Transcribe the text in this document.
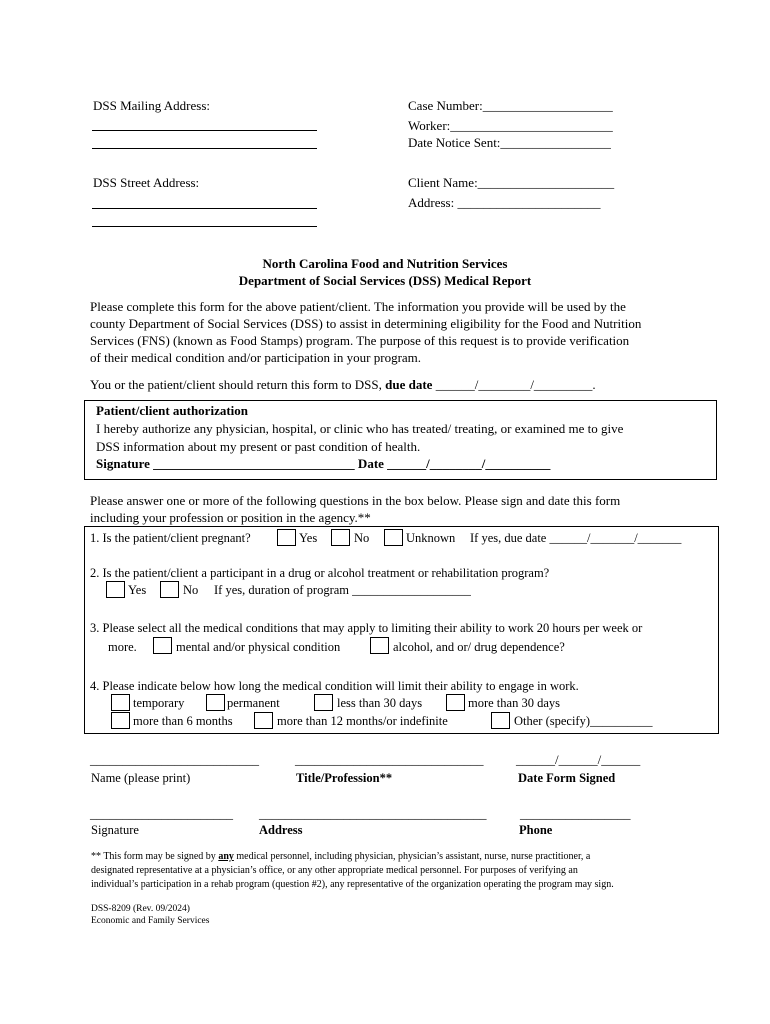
DSS Mailing Address:
DSS Street Address:
Case Number:____________________
Worker:_________________________
Date Notice Sent:_________________
Client Name:_____________________
Address: ______________________
North Carolina Food and Nutrition Services
Department of Social Services (DSS) Medical Report
Please complete this form for the above patient/client. The information you provide will be used by the
county Department of Social Services (DSS) to assist in determining eligibility for the Food and Nutrition
Services (FNS) (known as Food Stamps) program. The purpose of this request is to provide verification
of their medical condition and/or participation in your program.
You or the patient/client should return this form to DSS, due date ______/________/_________.
Patient/client authorization
I hereby authorize any physician, hospital, or clinic who has treated/ treating, or examined me to give
DSS information about my present or past condition of health.
Signature _______________________________ Date ______/________/__________
Please answer one or more of the following questions in the box below. Please sign and date this form
including your profession or position in the agency.**
1. Is the patient/client pregnant?	Yes	No	Unknown If yes, due date ______/_______/_______
2. Is the patient/client a participant in a drug or alcohol treatment or rehabilitation program?
Yes	No If yes, duration of program ___________________
3. Please select all the medical conditions that may apply to limiting their ability to work 20 hours per week or
more.	mental and/or physical condition	alcohol, and or/ drug dependence?
4. Please indicate below how long the medical condition will limit their ability to engage in work.
temporary	permanent	less than 30 days	more than 30 days
more than 6 months	more than 12 months/or indefinite	Other (specify)__________
__________________________	_____________________________	______/______/______
Name (please print)	Title/Profession**	Date Form Signed
______________________ ___________________________________	_________________
Signature	Address	Phone
** This form may be signed by any medical personnel, including physician, physician’s assistant, nurse, nurse practitioner, a
designated representative at a physician’s office, or any other appropriate medical personnel. For purposes of verifying an
individual’s participation in a rehab program (question #2), any representative of the organization operating the program may sign.
DSS-8209 (Rev. 09/2024)
Economic and Family Services
